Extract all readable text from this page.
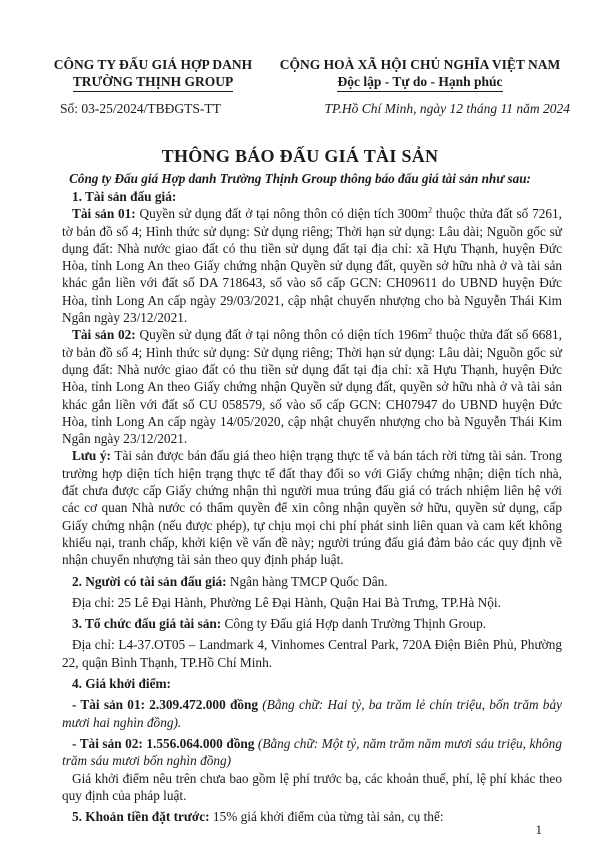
CÔNG TY ĐẤU GIÁ HỢP DANH
TRƯỜNG THỊNH GROUP
CỘNG HOÀ XÃ HỘI CHỦ NGHĨA VIỆT NAM
Độc lập - Tự do - Hạnh phúc
Số: 03-25/2024/TBĐGTS-TT	TP.Hồ Chí Minh, ngày 12 tháng 11 năm 2024
THÔNG BÁO ĐẤU GIÁ TÀI SẢN
Công ty Đấu giá Hợp danh Trường Thịnh Group thông báo đấu giá tài sản như sau:

1. Tài sản đấu giá:

Tài sản 01: Quyền sử dụng đất ở tại nông thôn có diện tích $300m^2$ thuộc thửa đất số 7261, tờ bản đồ số 4; Hình thức sử dụng: Sử dụng riêng; Thời hạn sử dụng: Lâu dài; Nguồn gốc sử dụng đất: Nhà nước giao đất có thu tiền sử dụng đất tại địa chỉ: xã Hựu Thạnh, huyện Đức Hòa, tỉnh Long An theo Giấy chứng nhận Quyền sử dụng đất, quyền sở hữu nhà ở và tài sản khác gắn liền với đất số DA 718643, số vào sổ cấp GCN: CH09611 do UBND huyện Đức Hòa, tỉnh Long An cấp ngày 29/03/2021, cập nhật chuyển nhượng cho bà Nguyễn Thái Kim Ngân ngày 23/12/2021.

Tài sản 02: Quyền sử dụng đất ở tại nông thôn có diện tích $196m^2$ thuộc thửa đất số 6681, tờ bản đồ số 4; Hình thức sử dụng: Sử dụng riêng; Thời hạn sử dụng: Lâu dài; Nguồn gốc sử dụng đất: Nhà nước giao đất có thu tiền sử dụng đất tại địa chỉ: xã Hựu Thạnh, huyện Đức Hòa, tỉnh Long An theo Giấy chứng nhận Quyền sử dụng đất, quyền sở hữu nhà ở và tài sản khác gắn liền với đất số CU 058579, số vào sổ cấp GCN: CH07947 do UBND huyện Đức Hòa, tỉnh Long An cấp ngày 14/05/2020, cập nhật chuyển nhượng cho bà Nguyễn Thái Kim Ngân ngày 23/12/2021.

Lưu ý: Tài sản được bán đấu giá theo hiện trạng thực tế và bán tách rời từng tài sản. Trong trường hợp diện tích hiện trạng thực tế đất thay đổi so với Giấy chứng nhận; diện tích nhà, đất chưa được cấp Giấy chứng nhận thì người mua trúng đấu giá có trách nhiệm liên hệ với các cơ quan Nhà nước có thẩm quyền để xin công nhận quyền sở hữu, quyền sử dụng, cấp Giấy chứng nhận (nếu được phép), tự chịu mọi chi phí phát sinh liên quan và cam kết không khiếu nại, tranh chấp, khởi kiện về vấn đề này; người trúng đấu giá đảm bảo các quy định về nhận chuyển nhượng tài sản theo quy định pháp luật.

2. Người có tài sản đấu giá: Ngân hàng TMCP Quốc Dân.

Địa chỉ: 25 Lê Đại Hành, Phường Lê Đại Hành, Quận Hai Bà Trưng, TP.Hà Nội.

3. Tổ chức đấu giá tài sản: Công ty Đấu giá Hợp danh Trường Thịnh Group.

Địa chỉ: L4-37.OT05 – Landmark 4, Vinhomes Central Park, 720A Điện Biên Phủ, Phường 22, quận Bình Thạnh, TP.Hồ Chí Minh.

4. Giá khởi điểm:

- Tài sản 01: 2.309.472.000 đồng (Bằng chữ: Hai tỷ, ba trăm lẻ chín triệu, bốn trăm bảy mươi hai nghìn đồng).

- Tài sản 02: 1.556.064.000 đồng (Bằng chữ: Một tỷ, năm trăm năm mươi sáu triệu, không trăm sáu mươi bốn nghìn đồng)

Giá khởi điểm nêu trên chưa bao gồm lệ phí trước bạ, các khoản thuế, phí, lệ phí khác theo quy định của pháp luật.

5. Khoản tiền đặt trước: 15% giá khởi điểm của từng tài sản, cụ thể:

1
